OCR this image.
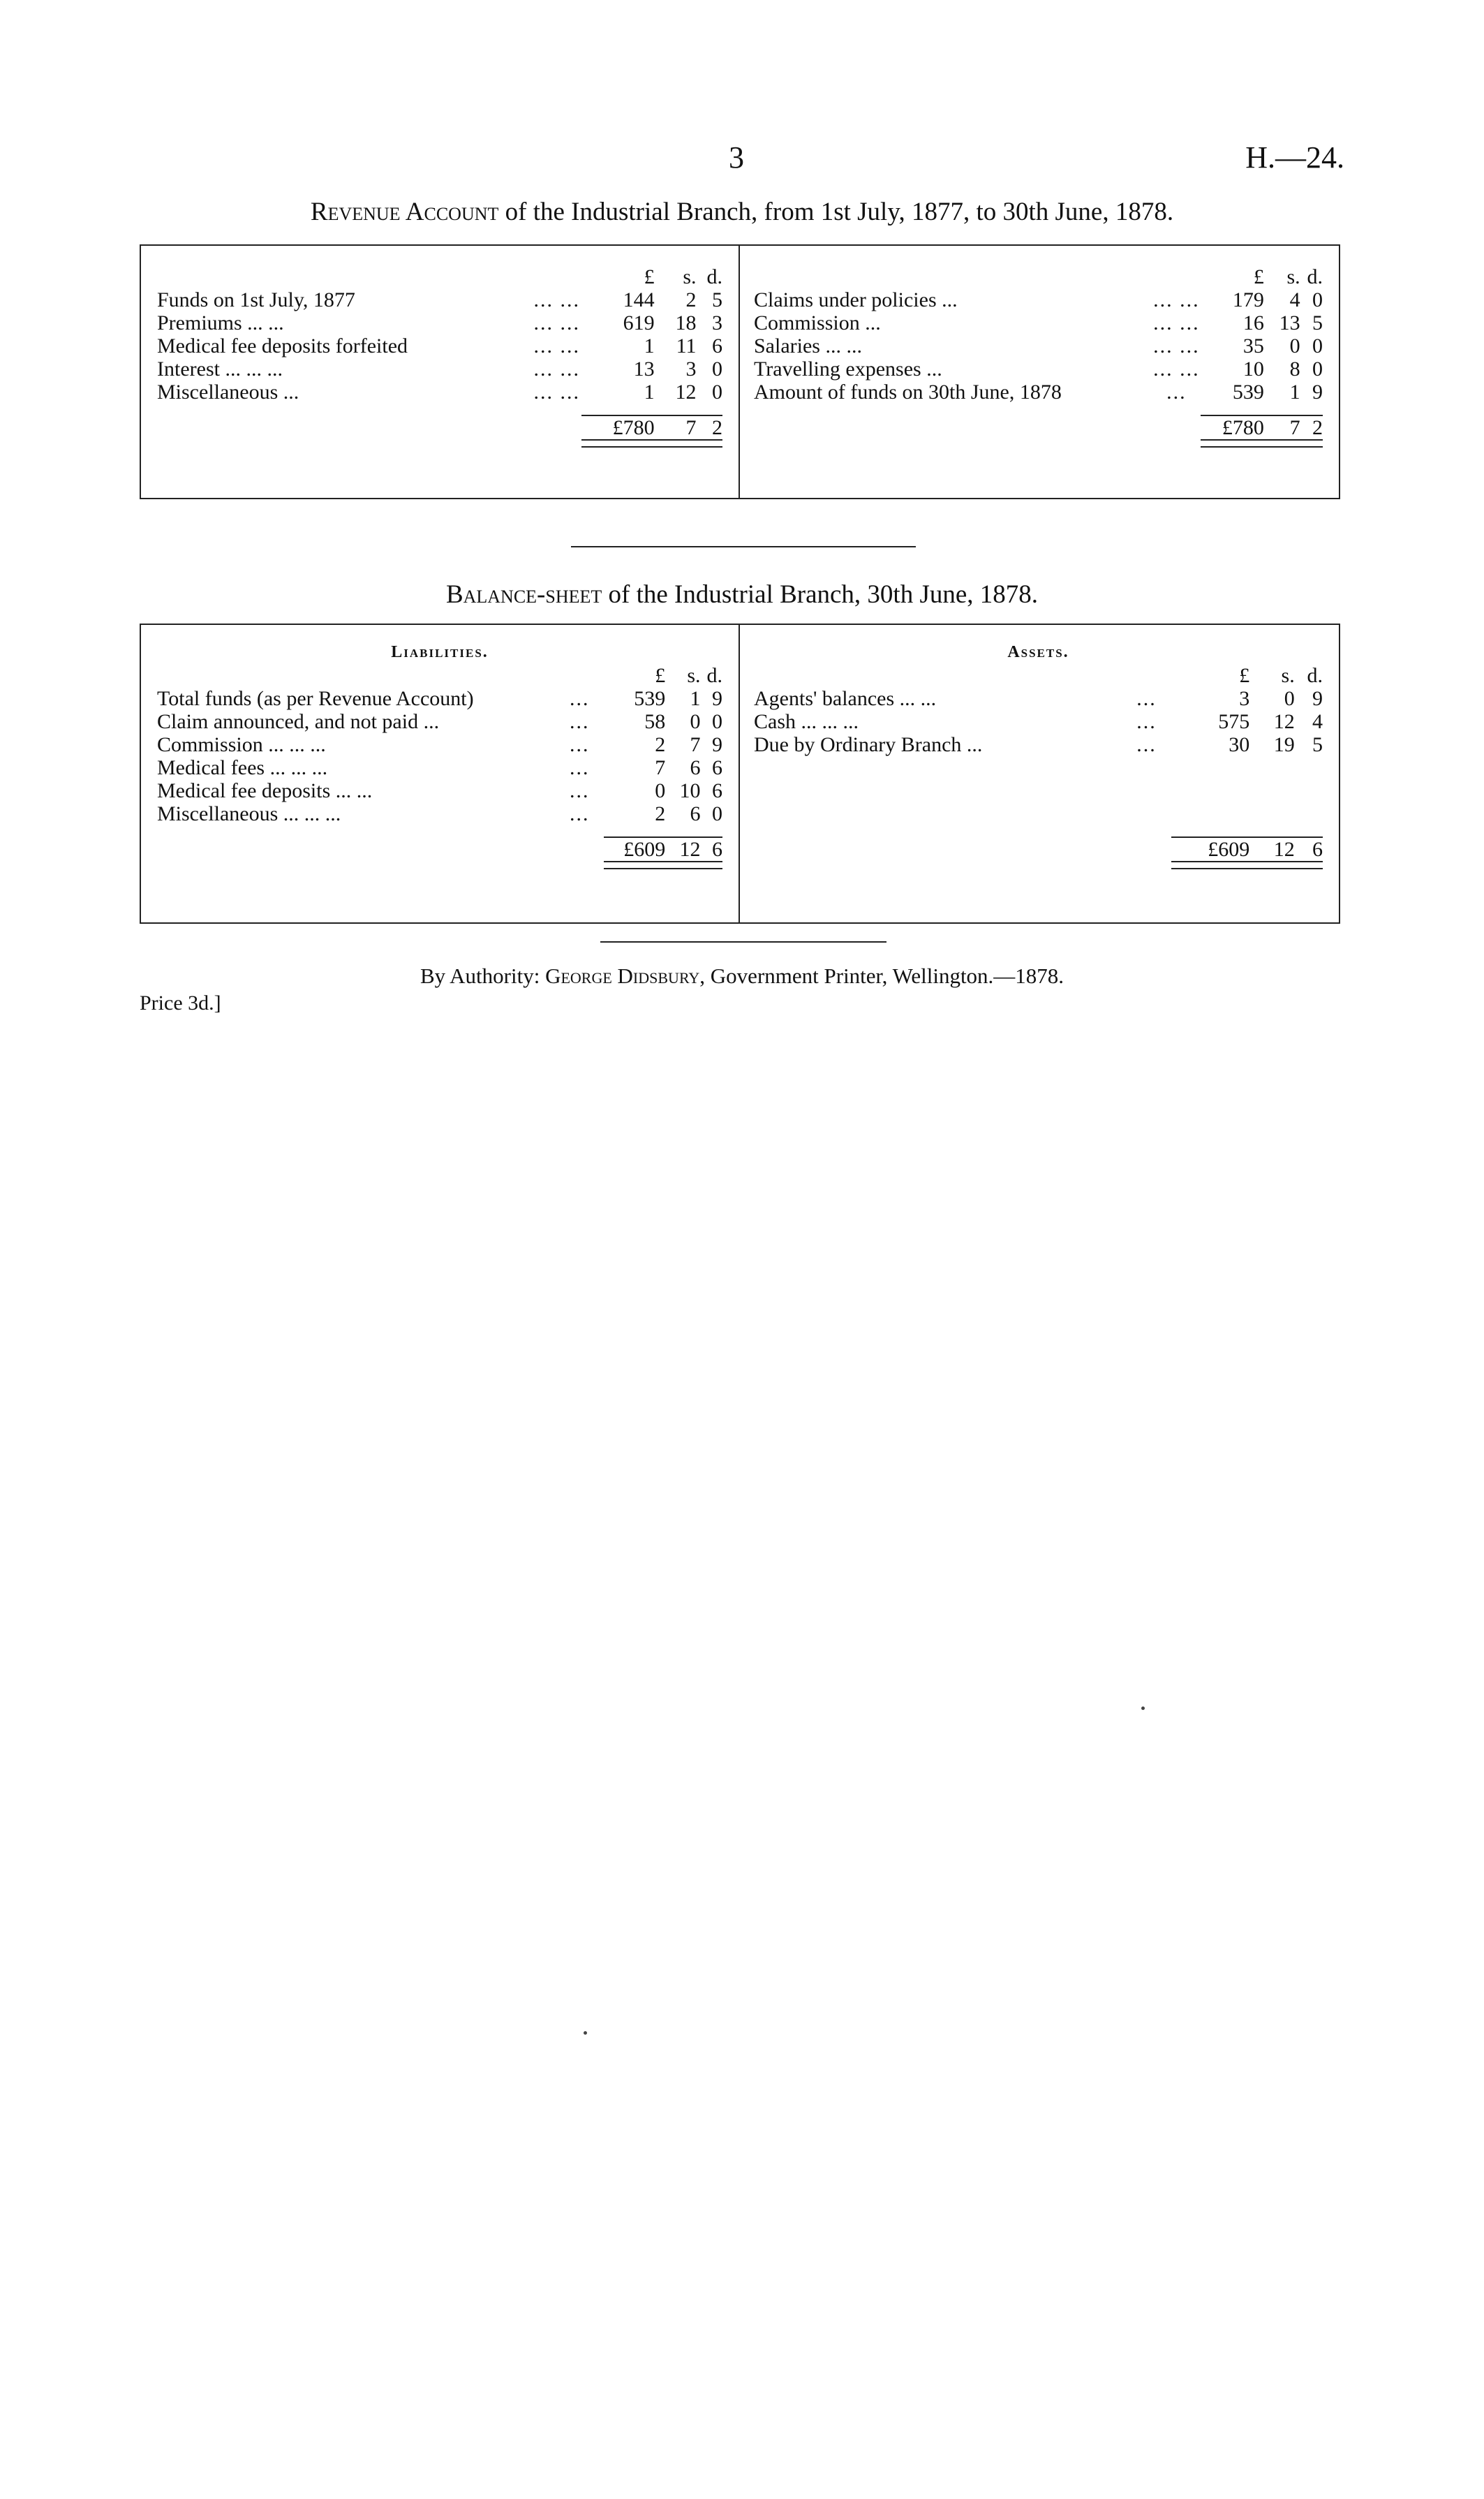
3	H.—24.
Revenue Account of the Industrial Branch, from 1st July, 1877, to 30th June, 1878.
		£	s.	d.
Funds on 1st July, 1877	... ...	144	2	5
Premiums ... ...	... ...	619	18	3
Medical fee deposits forfeited	... ...	1	11	6
Interest ... ... ...	... ...	13	3	0
Miscellaneous ...	... ...	1	12	0

		£780	7	2

		£	s.	d.
Claims under policies ...	... ...	179	4	0
Commission ...	... ...	16	13	5
Salaries ... ...	... ...	35	0	0
Travelling expenses ...	... ...	10	8	0
Amount of funds on 30th June, 1878	...	539	1	9

		£780	7	2

Balance-sheet of the Industrial Branch, 30th June, 1878.
Liabilities.				
		£	s.	d.
Total funds (as per Revenue Account)	...	539	1	9
Claim announced, and not paid ...	...	58	0	0
Commission ... ... ...	...	2	7	9
Medical fees ... ... ...	...	7	6	6
Medical fee deposits ... ...	...	0	10	6
Miscellaneous ... ... ...	...	2	6	0

		£609	12	6

Assets.				
		£	s.	d.
Agents' balances ... ...	...	3	0	9
Cash ... ... ...	...	575	12	4
Due by Ordinary Branch ...	...	30	19	5

		£609	12	6

By Authority: George Didsbury, Government Printer, Wellington.—1878.
Price 3d.]
